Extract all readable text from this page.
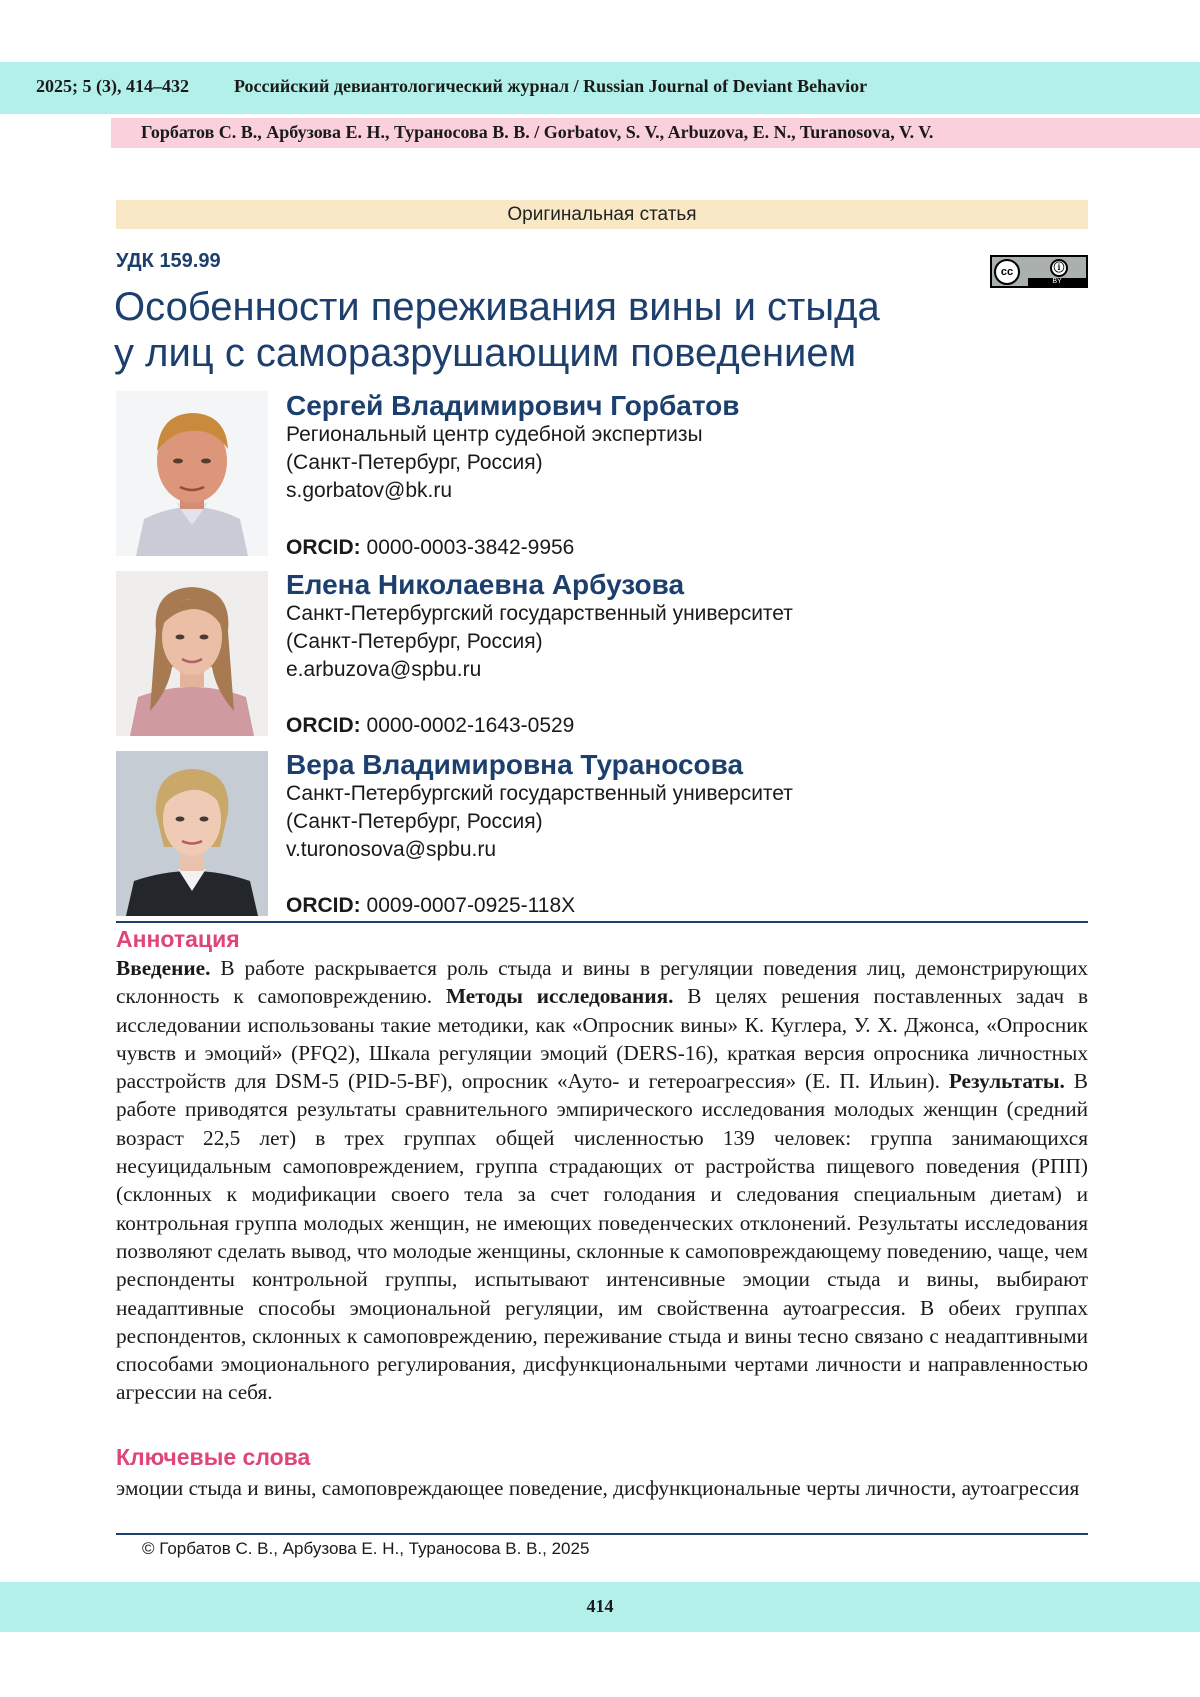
2025; 5 (3), 414–432	Российский девиантологический журнал / Russian Journal of Deviant Behavior
Горбатов С. В., Арбузова Е. Н., Тураносова В. В. / Gorbatov, S. V., Arbuzova, E. N., Turanosova, V. V.
Оригинальная статья
УДК 159.99	cc	ⓘ
BY
Особенности переживания вины и стыда
у лиц с саморазрушающим поведением
Сергей Владимирович Горбатов
Региональный центр судебной экспертизы
(Санкт-Петербург, Россия)
s.gorbatov@bk.ru
ORCID: 0000-0003-3842-9956
Елена Николаевна Арбузова
Санкт-Петербургский государственный университет
(Санкт-Петербург, Россия)
e.arbuzova@spbu.ru
ORCID: 0000-0002-1643-0529
Вера Владимировна Тураносова
Санкт-Петербургский государственный университет
(Санкт-Петербург, Россия)
v.turonosova@spbu.ru
ORCID: 0009-0007-0925-118X
Аннотация
Введение. В работе раскрывается роль стыда и вины в регуляции поведения лиц, демонстрирующих склонность к самоповреждению. Методы исследования. В целях решения поставленных задач в исследовании использованы такие методики, как «Опросник вины» К. Куглера, У. Х. Джонса, «Опросник чувств и эмоций» (PFQ2), Шкала регуляции эмоций (DERS-16), краткая версия опросника личностных расстройств для DSM-5 (PID-5-BF), опросник «Ауто- и гетероагрессия» (Е. П. Ильин). Результаты. В работе приводятся результаты сравнительного эмпирического исследования молодых женщин (средний возраст 22,5 лет) в трех группах общей численностью 139 человек: группа занимающихся несуицидальным самоповреждением, группа страдающих от растройства пищевого поведения (РПП) (склонных к модификации своего тела за счет голодания и следования специальным диетам) и контрольная группа молодых женщин, не имеющих поведенческих отклонений. Результаты исследования позволяют сделать вывод, что молодые женщины, склонные к самоповреждающему поведению, чаще, чем респонденты контрольной группы, испытывают интенсивные эмоции стыда и вины, выбирают неадаптивные способы эмоциональной регуляции, им свойственна аутоагрессия. В обеих группах респондентов, склонных к самоповреждению, переживание стыда и вины тесно связано с неадаптивными способами эмоционального регулирования, дисфункциональными чертами личности и направленностью агрессии на себя.
Ключевые слова
эмоции стыда и вины, самоповреждающее поведение, дисфункциональные черты личности, аутоагрессия
© Горбатов С. В., Арбузова Е. Н., Тураносова В. В., 2025
414
